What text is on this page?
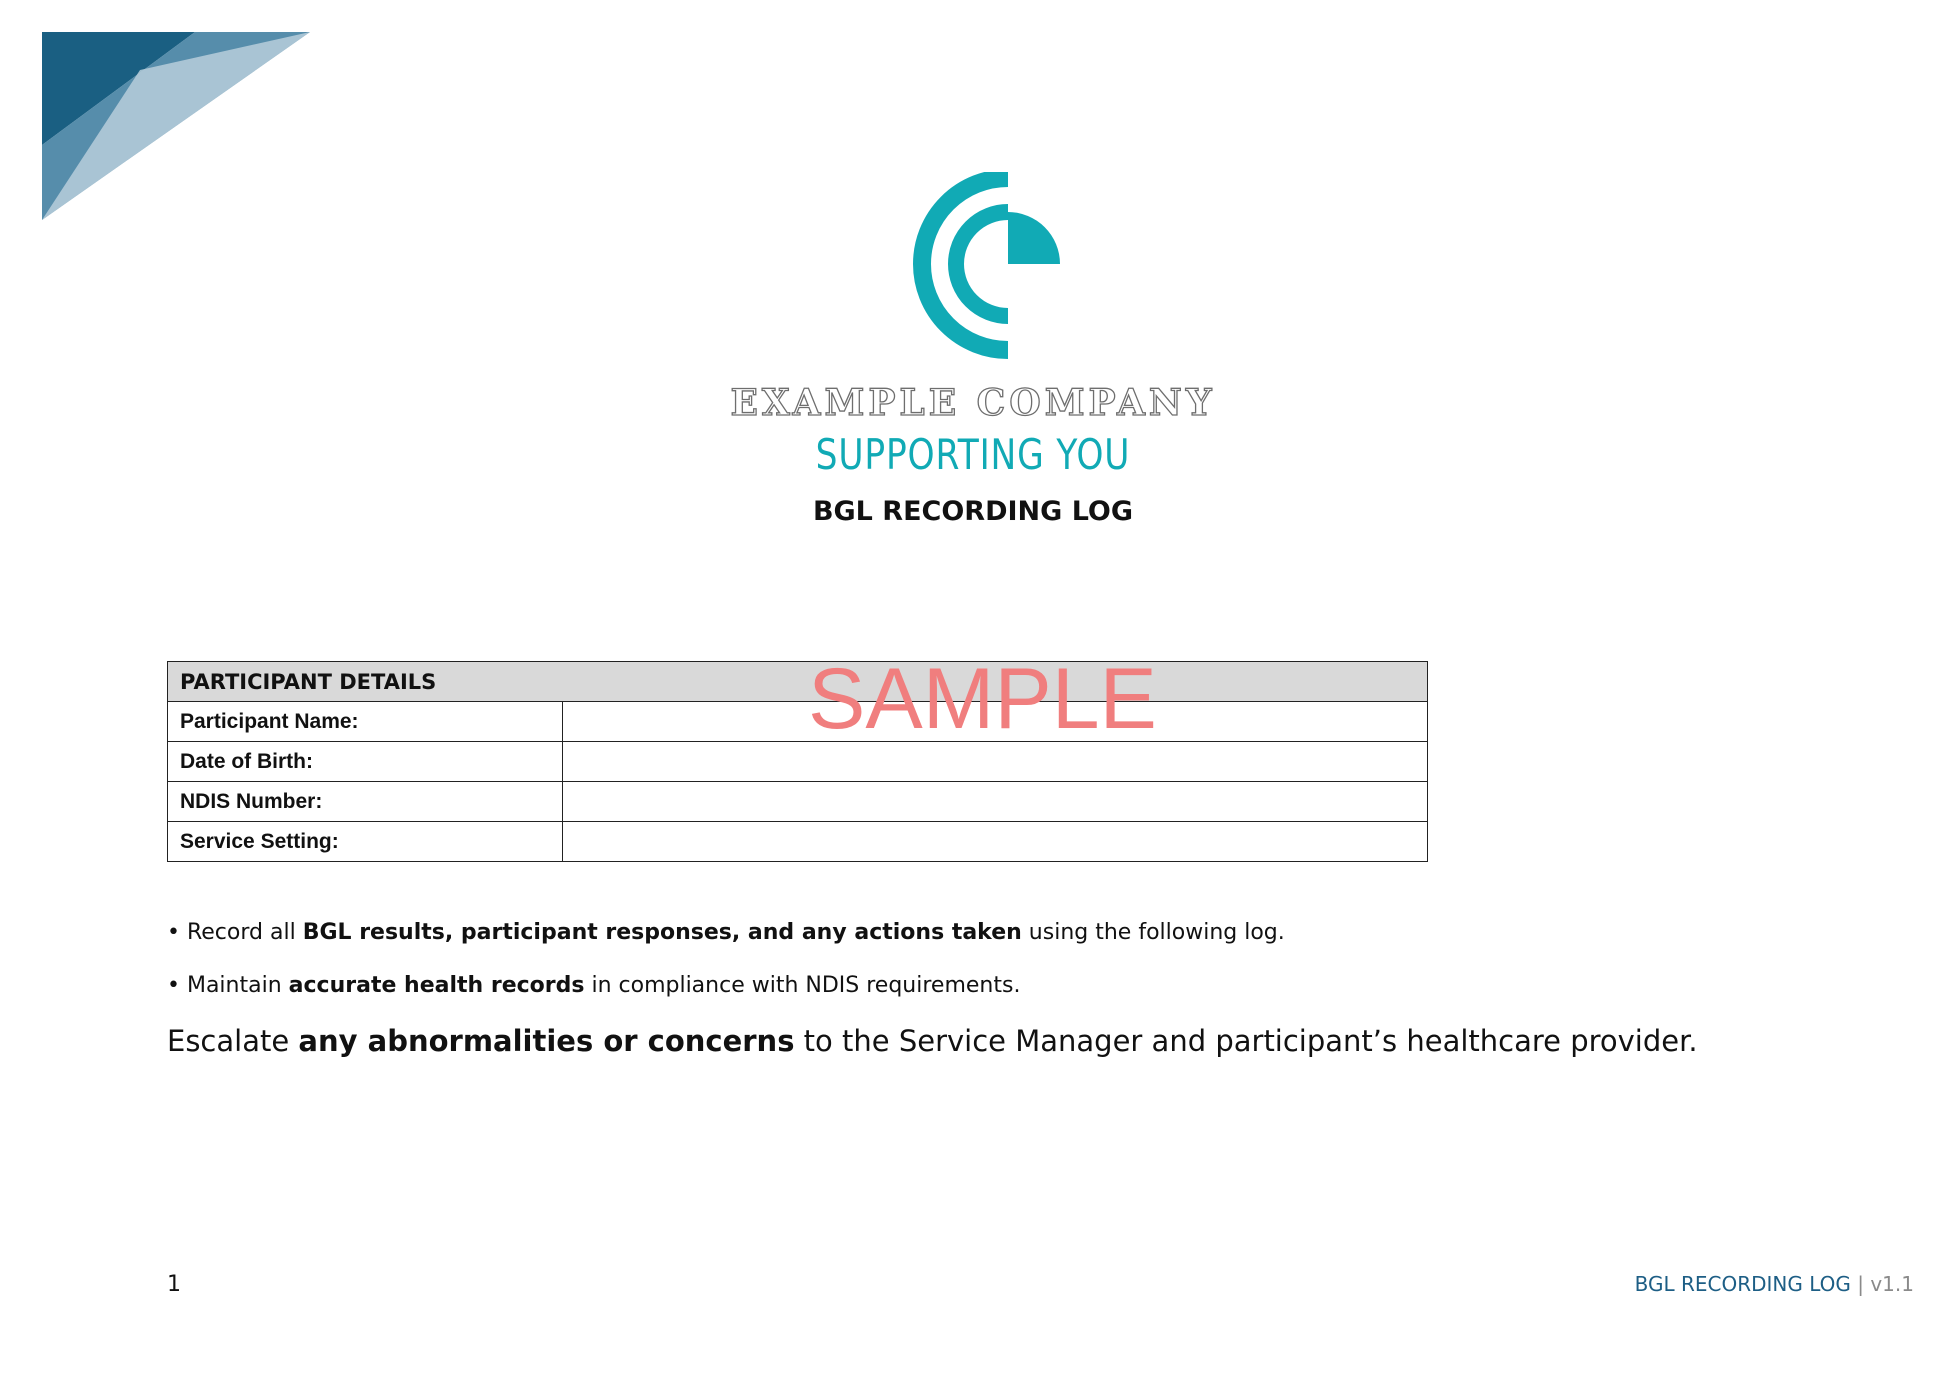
EXAMPLE COMPANY
SUPPORTING YOU
BGL RECORDING LOG
PARTICIPANT DETAILS	
Participant Name:	
Date of Birth:	
NDIS Number:	
Service Setting:	
SAMPLE
• Record all BGL results, participant responses, and any actions taken using the following log.
• Maintain accurate health records in compliance with NDIS requirements.
Escalate any abnormalities or concerns to the Service Manager and participant’s healthcare provider.
1	BGL RECORDING LOG | v1.1
